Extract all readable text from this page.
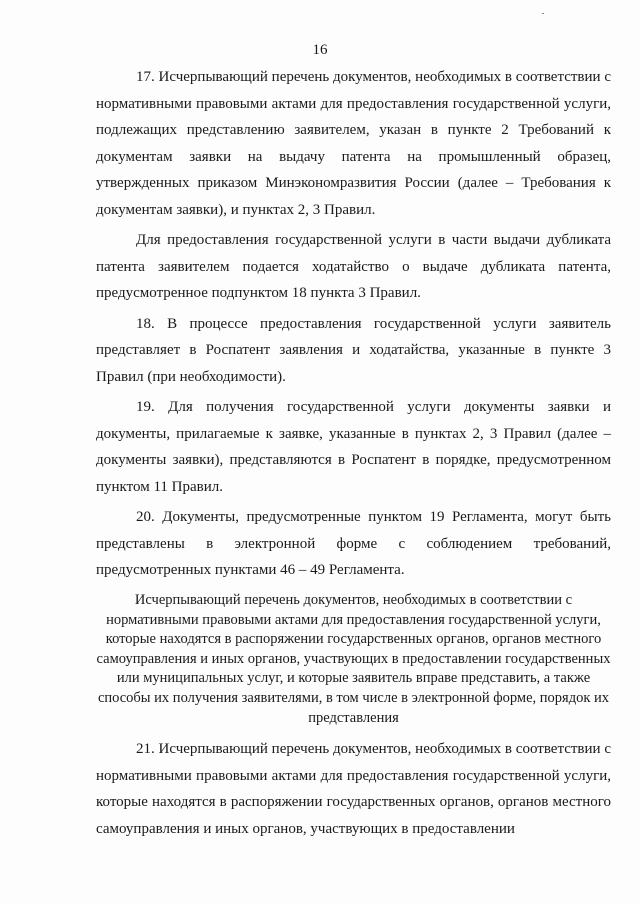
16

17. Исчерпывающий перечень документов, необходимых в соответствии с нормативными правовыми актами для предоставления государственной услуги, подлежащих представлению заявителем, указан в пункте 2 Требований к документам заявки на выдачу патента на промышленный образец, утвержденных приказом Минэкономразвития России (далее – Требования к документам заявки), и пунктах 2, 3 Правил.

Для предоставления государственной услуги в части выдачи дубликата патента заявителем подается ходатайство о выдаче дубликата патента, предусмотренное подпунктом 18 пункта 3 Правил.

18. В процессе предоставления государственной услуги заявитель представляет в Роспатент заявления и ходатайства, указанные в пункте 3 Правил (при необходимости).

19. Для получения государственной услуги документы заявки и документы, прилагаемые к заявке, указанные в пунктах 2, 3 Правил (далее – документы заявки), представляются в Роспатент в порядке, предусмотренном пунктом 11 Правил.

20. Документы, предусмотренные пунктом 19 Регламента, могут быть представлены в электронной форме с соблюдением требований, предусмотренных пунктами 46 – 49 Регламента.

Исчерпывающий перечень документов, необходимых в соответствии с нормативными правовыми актами для предоставления государственной услуги, которые находятся в распоряжении государственных органов, органов местного самоуправления и иных органов, участвующих в предоставлении государственных или муниципальных услуг, и которые заявитель вправе представить, а также способы их получения заявителями, в том числе в электронной форме, порядок их представления

21. Исчерпывающий перечень документов, необходимых в соответствии с нормативными правовыми актами для предоставления государственной услуги, которые находятся в распоряжении государственных органов, органов местного самоуправления и иных органов, участвующих в предоставлении
